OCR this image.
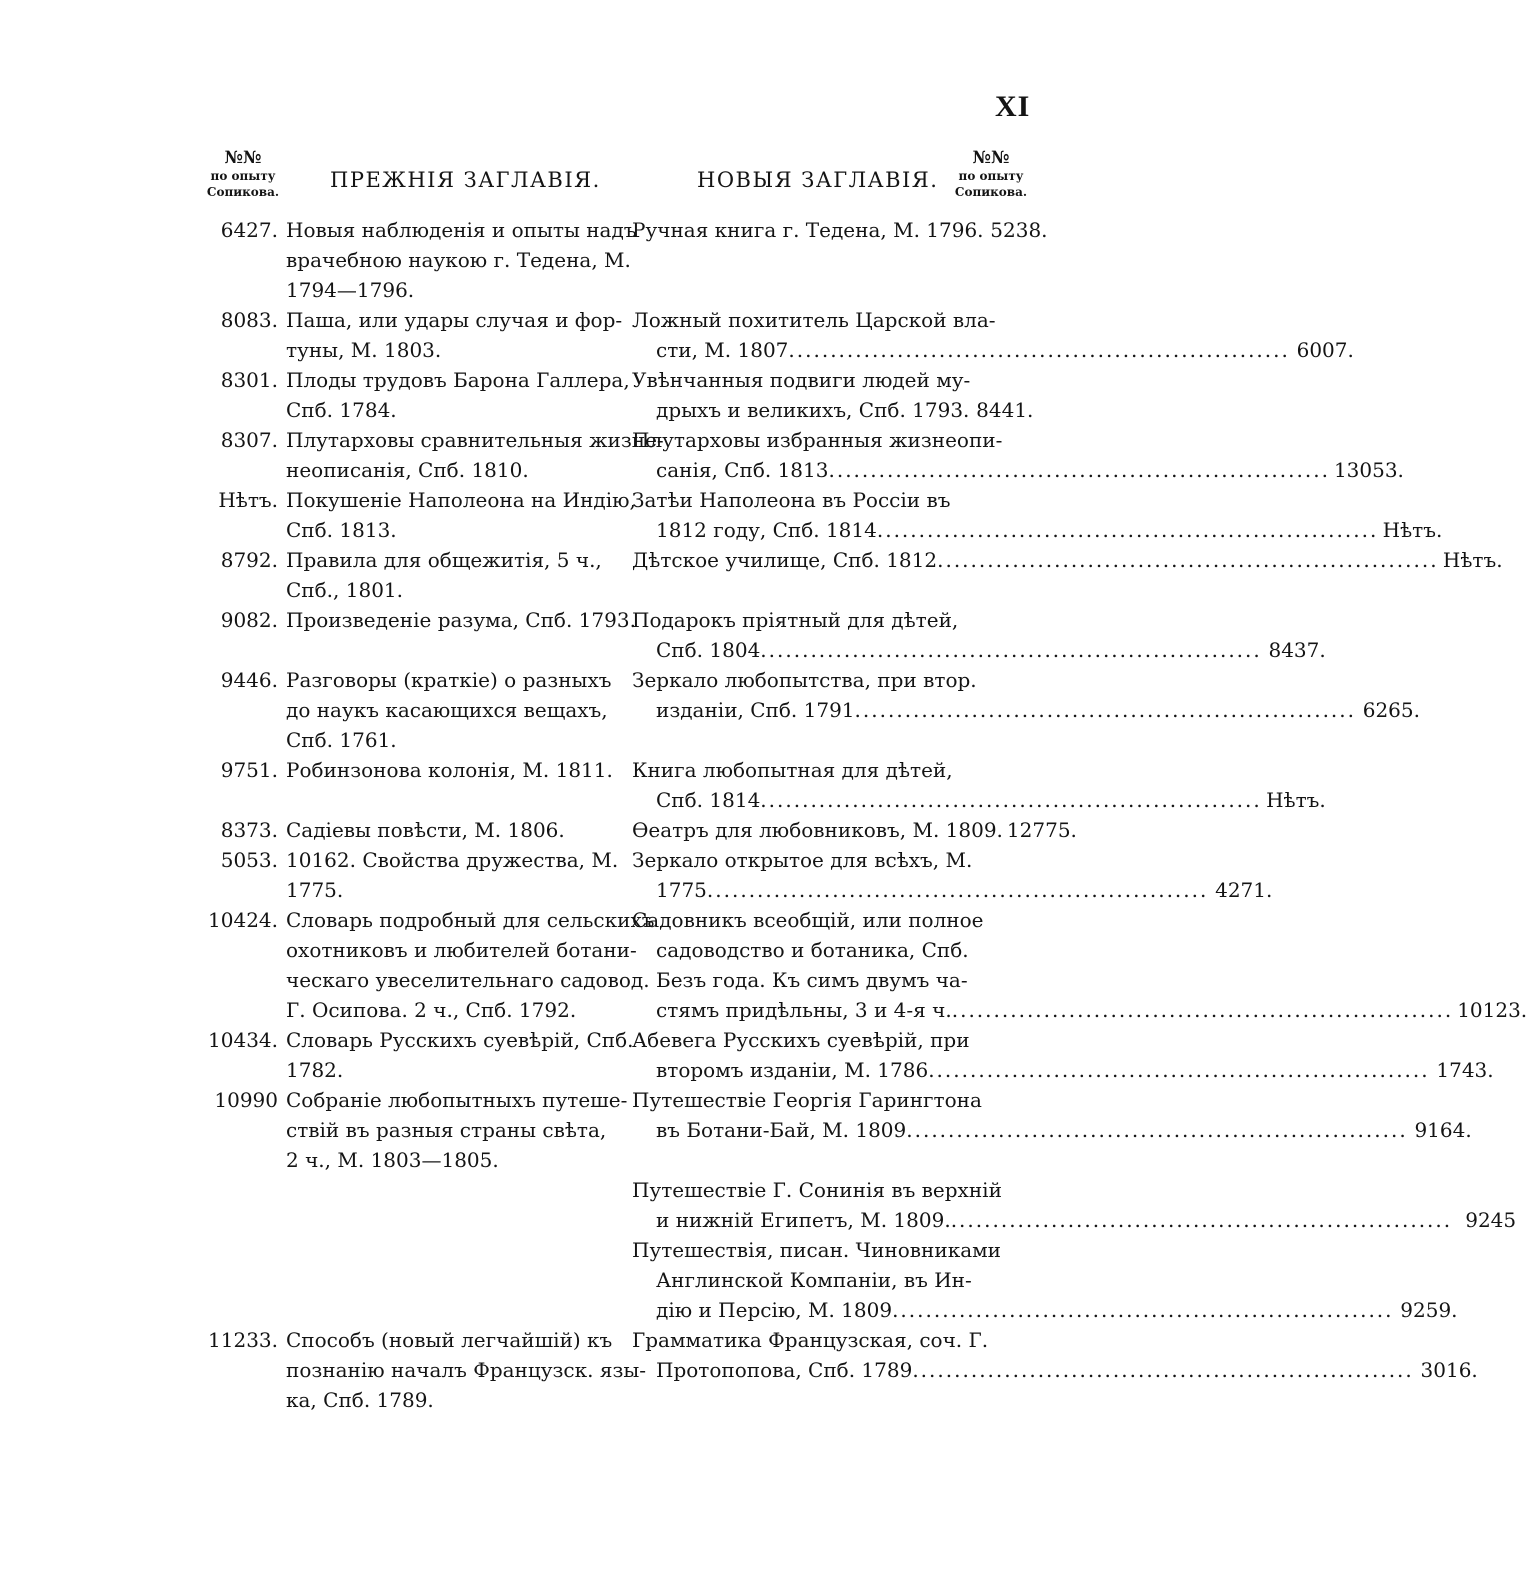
XI
№№
по опыту
Сопикова.	ПРЕЖНІЯ ЗАГЛАВІЯ.	НОВЫЯ ЗАГЛАВІЯ.
№№
по опыту
Сопикова.
6427. Новыя наблюденія и опыты надъ
врачебною наукою г. Тедена, М.
1794—1796.
8083. Паша, или удары случая и фор-
туны, М. 1803.
8301. Плоды трудовъ Барона Галлера,
Спб. 1784.
8307. Плутарховы сравнительныя жизне-
неописанія, Спб. 1810.
Нѣтъ. Покушеніе Наполеона на Индію,
Спб. 1813.
8792. Правила для общежитія, 5 ч.,
Спб., 1801.
9082. Произведеніе разума, Спб. 1793.
9446. Разговоры (краткіе) о разныхъ
до наукъ касающихся вещахъ,
Спб. 1761.
9751. Робинзонова колонія, М. 1811.
8373. Садіевы повѣсти, М. 1806.
5053. 10162. Свойства дружества, М.
1775.
10424. Словарь подробный для сельскихъ
охотниковъ и любителей ботани-
ческаго увеселительнаго садовод.
Г. Осипова. 2 ч., Спб. 1792.
10434. Словарь Русскихъ суевѣрій, Спб.
1782.
10990 Собраніе любопытныхъ путеше-
ствій въ разныя страны свѣта,
2 ч., М. 1803—1805.
11233. Способъ (новый легчайшій) къ
познанію началъ Французск. язы-
ка, Спб. 1789.
Ручная книга г. Тедена, М. 1796. 5238.
Ложный похититель Царской вла-
сти, М. 1807 ............................................................ 6007.
Увѣнчанныя подвиги людей му-
дрыхъ и великихъ, Спб. 1793. 8441.
Плутарховы избранныя жизнеопи-
санія, Спб. 1813 ............................................................ 13053.
Затѣи Наполеона въ Россіи въ
1812 году, Спб. 1814 ............................................................ Нѣтъ.
Дѣтское училище, Спб. 1812 ............................................................ Нѣтъ.
Подарокъ пріятный для дѣтей,
Спб. 1804 ............................................................ 8437.
Зеркало любопытства, при втор.
изданіи, Спб. 1791 ............................................................ 6265.
Книга любопытная для дѣтей,
Спб. 1814 ............................................................ Нѣтъ.
Ѳеатръ для любовниковъ, М. 1809. 12775.
Зеркало открытое для всѣхъ, М.
1775 ............................................................ 4271.
Садовникъ всеобщій, или полное
садоводство и ботаника, Спб.
Безъ года. Къ симъ двумъ ча-
стямъ придѣльны, 3 и 4-я ч. ............................................................ 10123.
Абевега Русскихъ суевѣрій, при
второмъ изданіи, М. 1786 ............................................................ 1743.
Путешествіе Георгія Гарингтона
въ Ботани-Бай, М. 1809 ............................................................ 9164.
Путешествіе Г. Сонинія въ верхній
и нижній Египетъ, М. 1809. ............................................................ 9245
Путешествія, писан. Чиновниками
Англинской Компаніи, въ Ин-
дію и Персію, М. 1809 ............................................................ 9259.
Грамматика Французская, соч. Г.
Протопопова, Спб. 1789 ............................................................ 3016.
